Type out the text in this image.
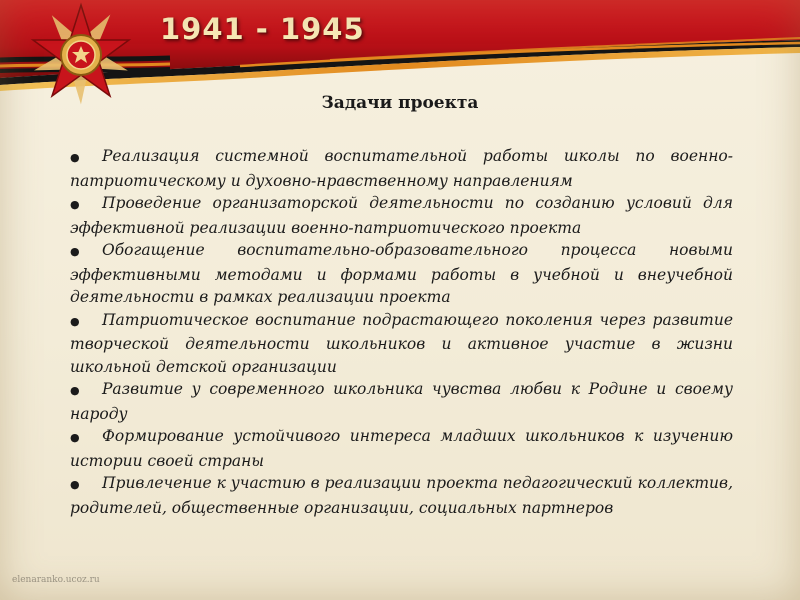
1941 - 1945
Задачи проекта
● Реализация системной воспитательной работы школы по военно-патриотическому и духовно-нравственному направлениям
● Проведение организаторской деятельности по созданию условий для эффективной реализации военно-патриотического проекта
● Обогащение воспитательно-образовательного процесса новыми эффективными методами и формами работы в учебной и внеучебной деятельности в рамках реализации проекта
● Патриотическое воспитание подрастающего поколения через развитие творческой деятельности школьников и активное участие в жизни школьной детской организации
● Развитие у современного школьника чувства любви к Родине и своему народу
● Формирование устойчивого интереса младших школьников к изучению истории своей страны
● Привлечение к участию в реализации проекта педагогический коллектив, родителей, общественные организации, социальных партнеров
elenaranko.ucoz.ru
